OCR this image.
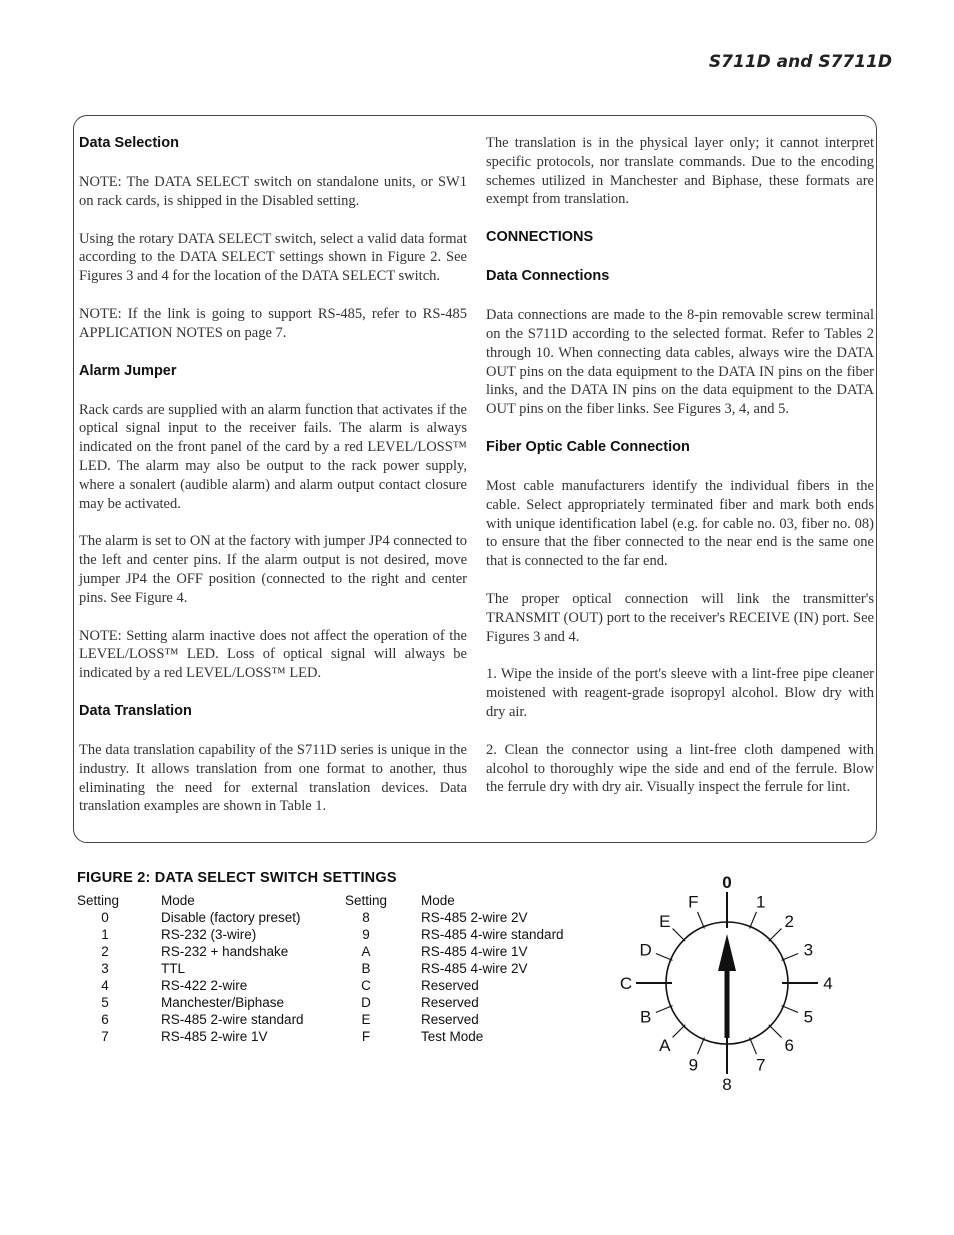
S711D and S7711D
Data Selection

NOTE: The DATA SELECT switch on standalone units, or SW1 on rack cards, is shipped in the Disabled setting.

Using the rotary DATA SELECT switch, select a valid data format according to the DATA SELECT settings shown in Figure 2. See Figures 3 and 4 for the location of the DATA SELECT switch.

NOTE: If the link is going to support RS-485, refer to RS-485 APPLICATION NOTES on page 7.

Alarm Jumper

Rack cards are supplied with an alarm function that activates if the optical signal input to the receiver fails. The alarm is always indicated on the front panel of the card by a red LEVEL/LOSS™ LED. The alarm may also be output to the rack power supply, where a sonalert (audible alarm) and alarm output contact closure may be activated.

The alarm is set to ON at the factory with jumper JP4 connected to the left and center pins. If the alarm output is not desired, move jumper JP4 the OFF position (connected to the right and center pins. See Figure 4.

NOTE: Setting alarm inactive does not affect the operation of the LEVEL/LOSS™ LED. Loss of optical signal will always be indicated by a red LEVEL/LOSS™ LED.

Data Translation

The data translation capability of the S711D series is unique in the industry. It allows translation from one format to another, thus eliminating the need for external translation devices. Data translation examples are shown in Table 1.

The translation is in the physical layer only; it cannot interpret specific protocols, nor translate commands. Due to the encoding schemes utilized in Manchester and Biphase, these formats are exempt from translation.

CONNECTIONS
Data Connections

Data connections are made to the 8-pin removable screw terminal on the S711D according to the selected format. Refer to Tables 2 through 10. When connecting data cables, always wire the DATA OUT pins on the data equipment to the DATA IN pins on the fiber links, and the DATA IN pins on the data equipment to the DATA OUT pins on the fiber links. See Figures 3, 4, and 5.

Fiber Optic Cable Connection

Most cable manufacturers identify the individual fibers in the cable. Select appropriately terminated fiber and mark both ends with unique identification label (e.g. for cable no. 03, fiber no. 08) to ensure that the fiber connected to the near end is the same one that is connected to the far end.

The proper optical connection will link the transmitter's TRANSMIT (OUT) port to the receiver's RECEIVE (IN) port. See Figures 3 and 4.

1. Wipe the inside of the port's sleeve with a lint-free pipe cleaner moistened with reagent-grade isopropyl alcohol. Blow dry with dry air.

2. Clean the connector using a lint-free cloth dampened with alcohol to thoroughly wipe the side and end of the ferrule. Blow the ferrule dry with dry air. Visually inspect the ferrule for lint.

FIGURE 2: DATA SELECT SWITCH SETTINGS
Setting	Mode	Setting	Mode
0	Disable (factory preset)	8	RS-485 2-wire 2V
1	RS-232 (3-wire)	9	RS-485 4-wire standard
2	RS-232 + handshake	A	RS-485 4-wire 1V
3	TTL	B	RS-485 4-wire 2V
4	RS-422 2-wire	C	Reserved
5	Manchester/Biphase	D	Reserved
6	RS-485 2-wire standard	E	Reserved
7	RS-485 2-wire 1V	F	Test Mode
0
1
2
3
4
5
6
7
8
9
A
B
C
D
E
F
